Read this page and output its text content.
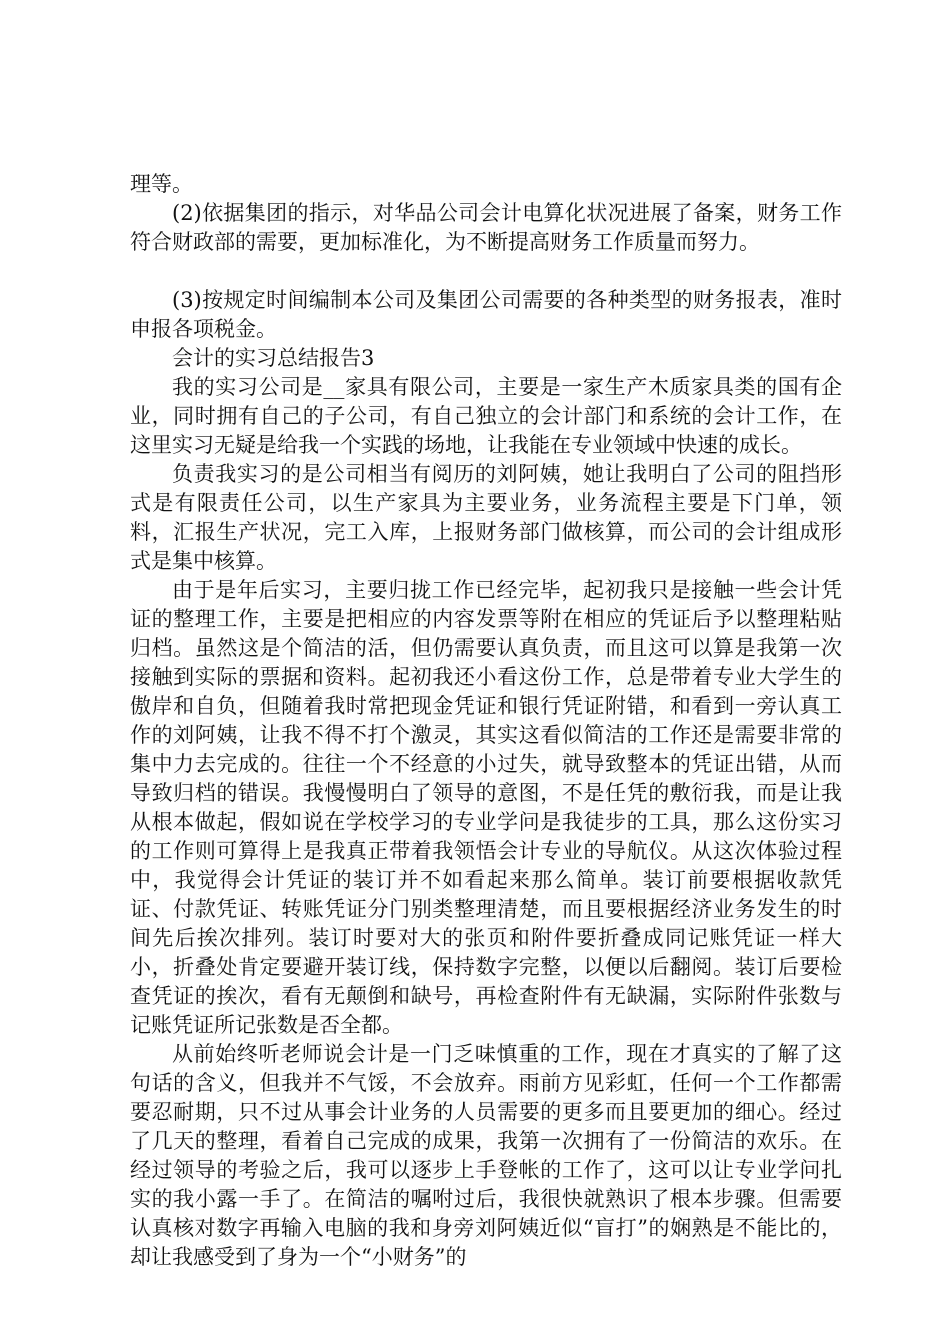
理等。

(2)依据集团的指示，对华品公司会计电算化状况进展了备案，财务工作符合财政部的需要，更加标准化，为不断提高财务工作质量而努力。

(3)按规定时间编制本公司及集团公司需要的各种类型的财务报表，准时申报各项税金。

会计的实习总结报告3

我的实习公司是__家具有限公司，主要是一家生产木质家具类的国有企业，同时拥有自己的子公司，有自己独立的会计部门和系统的会计工作，在这里实习无疑是给我一个实践的场地，让我能在专业领域中快速的成长。

负责我实习的是公司相当有阅历的刘阿姨，她让我明白了公司的阻挡形式是有限责任公司，以生产家具为主要业务，业务流程主要是下门单，领料，汇报生产状况，完工入库，上报财务部门做核算，而公司的会计组成形式是集中核算。

由于是年后实习，主要归拢工作已经完毕，起初我只是接触一些会计凭证的整理工作，主要是把相应的内容发票等附在相应的凭证后予以整理粘贴归档。虽然这是个简洁的活，但仍需要认真负责，而且这可以算是我第一次接触到实际的票据和资料。起初我还小看这份工作，总是带着专业大学生的傲岸和自负，但随着我时常把现金凭证和银行凭证附错，和看到一旁认真工作的刘阿姨，让我不得不打个激灵，其实这看似简洁的工作还是需要非常的集中力去完成的。往往一个不经意的小过失，就导致整本的凭证出错，从而导致归档的错误。我慢慢明白了领导的意图，不是任凭的敷衍我，而是让我从根本做起，假如说在学校学习的专业学问是我徒步的工具，那么这份实习的工作则可算得上是我真正带着我领悟会计专业的导航仪。从这次体验过程中，我觉得会计凭证的装订并不如看起来那么简单。装订前要根据收款凭证、付款凭证、转账凭证分门别类整理清楚，而且要根据经济业务发生的时间先后挨次排列。装订时要对大的张页和附件要折叠成同记账凭证一样大小，折叠处肯定要避开装订线，保持数字完整，以便以后翻阅。装订后要检查凭证的挨次，看有无颠倒和缺号，再检查附件有无缺漏，实际附件张数与记账凭证所记张数是否全都。

从前始终听老师说会计是一门乏味慎重的工作，现在才真实的了解了这句话的含义，但我并不气馁，不会放弃。雨前方见彩虹，任何一个工作都需要忍耐期，只不过从事会计业务的人员需要的更多而且要更加的细心。经过了几天的整理，看着自己完成的成果，我第一次拥有了一份简洁的欢乐。在经过领导的考验之后，我可以逐步上手登帐的工作了，这可以让专业学问扎实的我小露一手了。在简洁的嘱咐过后，我很快就熟识了根本步骤。但需要认真核对数字再输入电脑的我和身旁刘阿姨近似“盲打”的娴熟是不能比的，却让我感受到了身为一个“小财务”的
